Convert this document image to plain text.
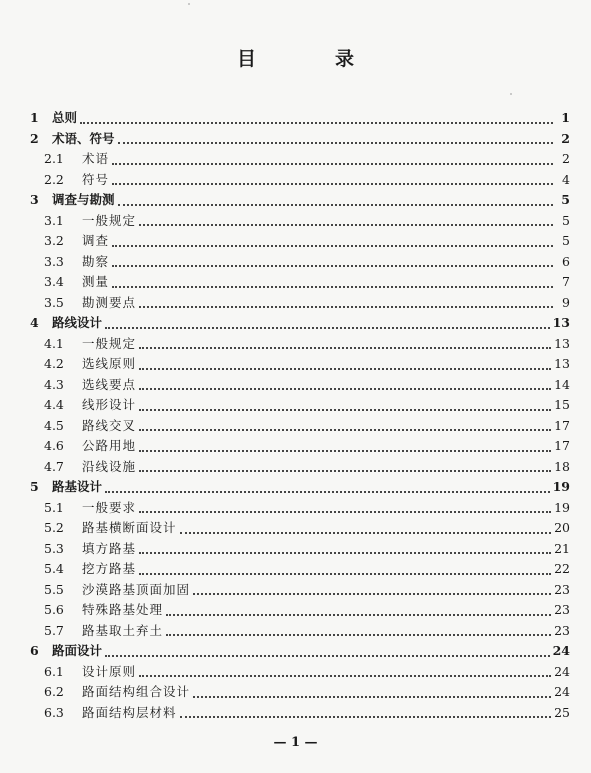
目　录
1	总则	1
2	术语、符号	2
2.1	术语	2
2.2	符号	4
3	调查与勘测	5
3.1	一般规定	5
3.2	调查	5
3.3	勘察	6
3.4	测量	7
3.5	勘测要点	9
4	路线设计	13
4.1	一般规定	13
4.2	选线原则	13
4.3	选线要点	14
4.4	线形设计	15
4.5	路线交叉	17
4.6	公路用地	17
4.7	沿线设施	18
5	路基设计	19
5.1	一般要求	19
5.2	路基横断面设计	20
5.3	填方路基	21
5.4	挖方路基	22
5.5	沙漠路基顶面加固	23
5.6	特殊路基处理	23
5.7	路基取土弃土	23
6	路面设计	24
6.1	设计原则	24
6.2	路面结构组合设计	24
6.3	路面结构层材料	25
— 1 —
